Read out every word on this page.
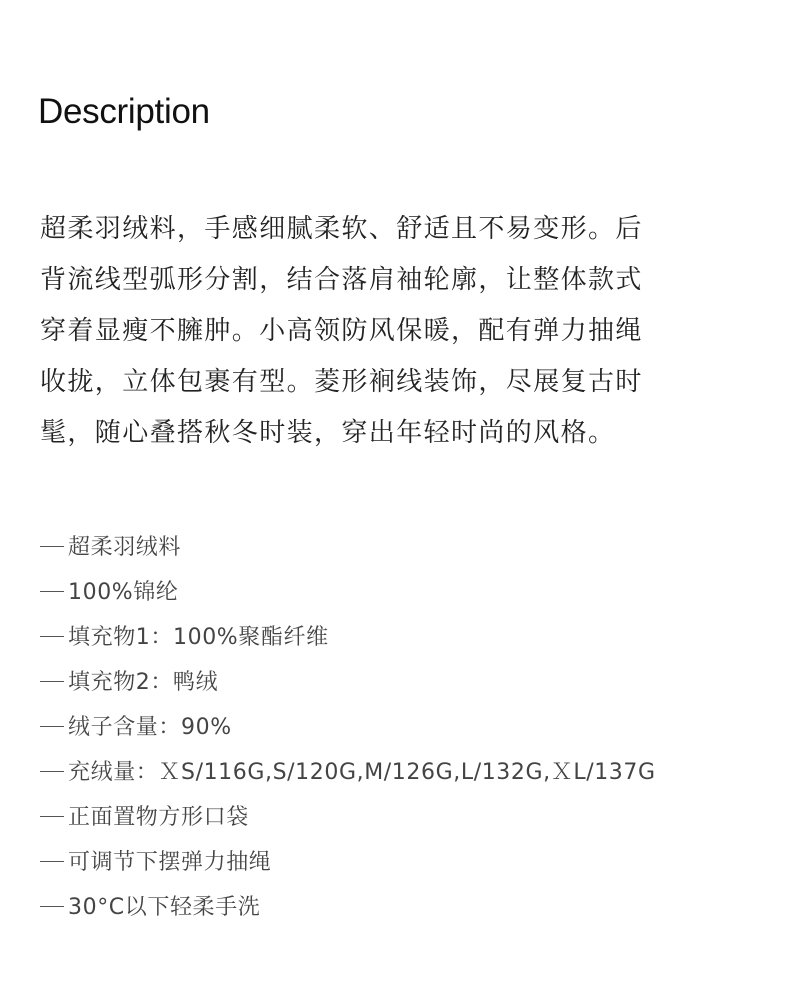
Description

超柔羽绒料，手感细腻柔软、舒适且不易变形。后
背流线型弧形分割，结合落肩袖轮廓，让整体款式
穿着显瘦不臃肿。小高领防风保暖，配有弹力抽绳
收拢，立体包裹有型。菱形裥线装饰，尽展复古时
髦，随心叠搭秋冬时装，穿出年轻时尚的风格。

超柔羽绒料
100%锦纶
填充物1：100%聚酯纤维
填充物2：鸭绒
绒子含量：90%
充绒量：ＸS/116G,S/120G,M/126G,L/132G,ＸL/137G
正面置物方形口袋
可调节下摆弹力抽绳
30°C以下轻柔手洗
